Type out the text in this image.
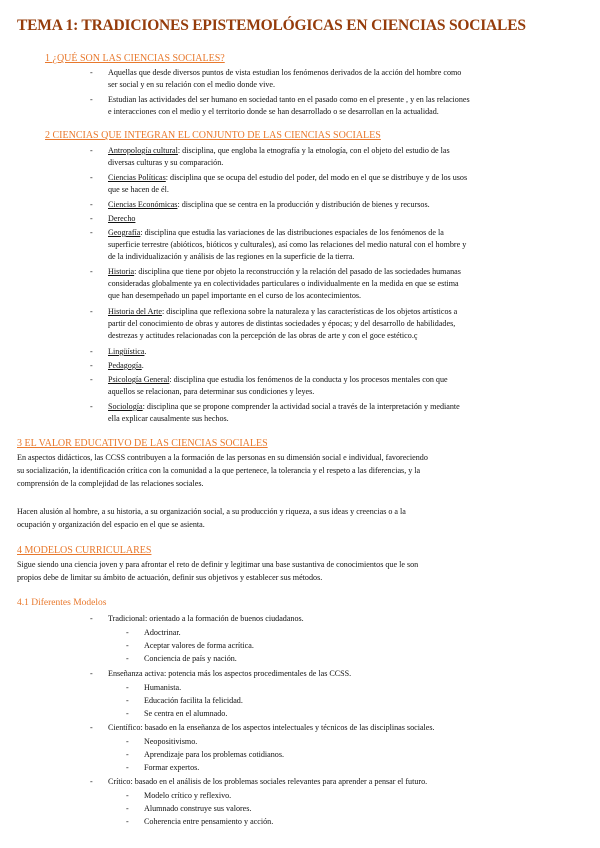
TEMA 1: TRADICIONES EPISTEMOLÓGICAS EN CIENCIAS SOCIALES
1 ¿QUÉ SON LAS CIENCIAS SOCIALES?
- Aquellas que desde diversos puntos de vista estudian los fenómenos derivados de la acción del hombre como
ser social y en su relación con el medio donde vive.
- Estudian las actividades del ser humano en sociedad tanto en el pasado como en el presente , y en las relaciones
e interacciones con el medio y el territorio donde se han desarrollado o se desarrollan en la actualidad.
2 CIENCIAS QUE INTEGRAN EL CONJUNTO DE LAS CIENCIAS SOCIALES
- Antropología cultural: disciplina, que engloba la etnografía y la etnología, con el objeto del estudio de las
diversas culturas y su comparación.
- Ciencias Políticas: disciplina que se ocupa del estudio del poder, del modo en el que se distribuye y de los usos
que se hacen de él.
- Ciencias Económicas: disciplina que se centra en la producción y distribución de bienes y recursos.
- Derecho
- Geografía: disciplina que estudia las variaciones de las distribuciones espaciales de los fenómenos de la
superficie terrestre (abióticos, bióticos y culturales), así como las relaciones del medio natural con el hombre y
de la individualización y análisis de las regiones en la superficie de la tierra.
- Historia: disciplina que tiene por objeto la reconstrucción y la relación del pasado de las sociedades humanas
consideradas globalmente ya en colectividades particulares o individualmente en la medida en que se estima
que han desempeñado un papel importante en el curso de los acontecimientos.
- Historia del Arte: disciplina que reflexiona sobre la naturaleza y las características de los objetos artísticos a
partir del conocimiento de obras y autores de distintas sociedades y épocas; y del desarrollo de habilidades,
destrezas y actitudes relacionadas con la percepción de las obras de arte y con el goce estético.ç
- Lingüística.
- Pedagogía.
- Psicología General: disciplina que estudia los fenómenos de la conducta y los procesos mentales con que
aquellos se relacionan, para determinar sus condiciones y leyes.
- Sociología: disciplina que se propone comprender la actividad social a través de la interpretación y mediante
ella explicar causalmente sus hechos.
3 EL VALOR EDUCATIVO DE LAS CIENCIAS SOCIALES
En aspectos didácticos, las CCSS contribuyen a la formación de las personas en su dimensión social e individual, favoreciendo
su socialización, la identificación crítica con la comunidad a la que pertenece, la tolerancia y el respeto a las diferencias, y la
comprensión de la complejidad de las relaciones sociales.
Hacen alusión al hombre, a su historia, a su organización social, a su producción y riqueza, a sus ideas y creencias o a la
ocupación y organización del espacio en el que se asienta.
4 MODELOS CURRICULARES
Sigue siendo una ciencia joven y para afrontar el reto de definir y legitimar una base sustantiva de conocimientos que le son
propios debe de limitar su ámbito de actuación, definir sus objetivos y establecer sus métodos.
4.1 Diferentes Modelos
- Tradicional: orientado a la formación de buenos ciudadanos.
- Adoctrinar.
- Aceptar valores de forma acrítica.
- Conciencia de país y nación.
- Enseñanza activa: potencia más los aspectos procedimentales de las CCSS.
- Humanista.
- Educación facilita la felicidad.
- Se centra en el alumnado.
- Científico: basado en la enseñanza de los aspectos intelectuales y técnicos de las disciplinas sociales.
- Neopositivismo.
- Aprendizaje para los problemas cotidianos.
- Formar expertos.
- Crítico: basado en el análisis de los problemas sociales relevantes para aprender a pensar el futuro.
- Modelo crítico y reflexivo.
- Alumnado construye sus valores.
- Coherencia entre pensamiento y acción.
